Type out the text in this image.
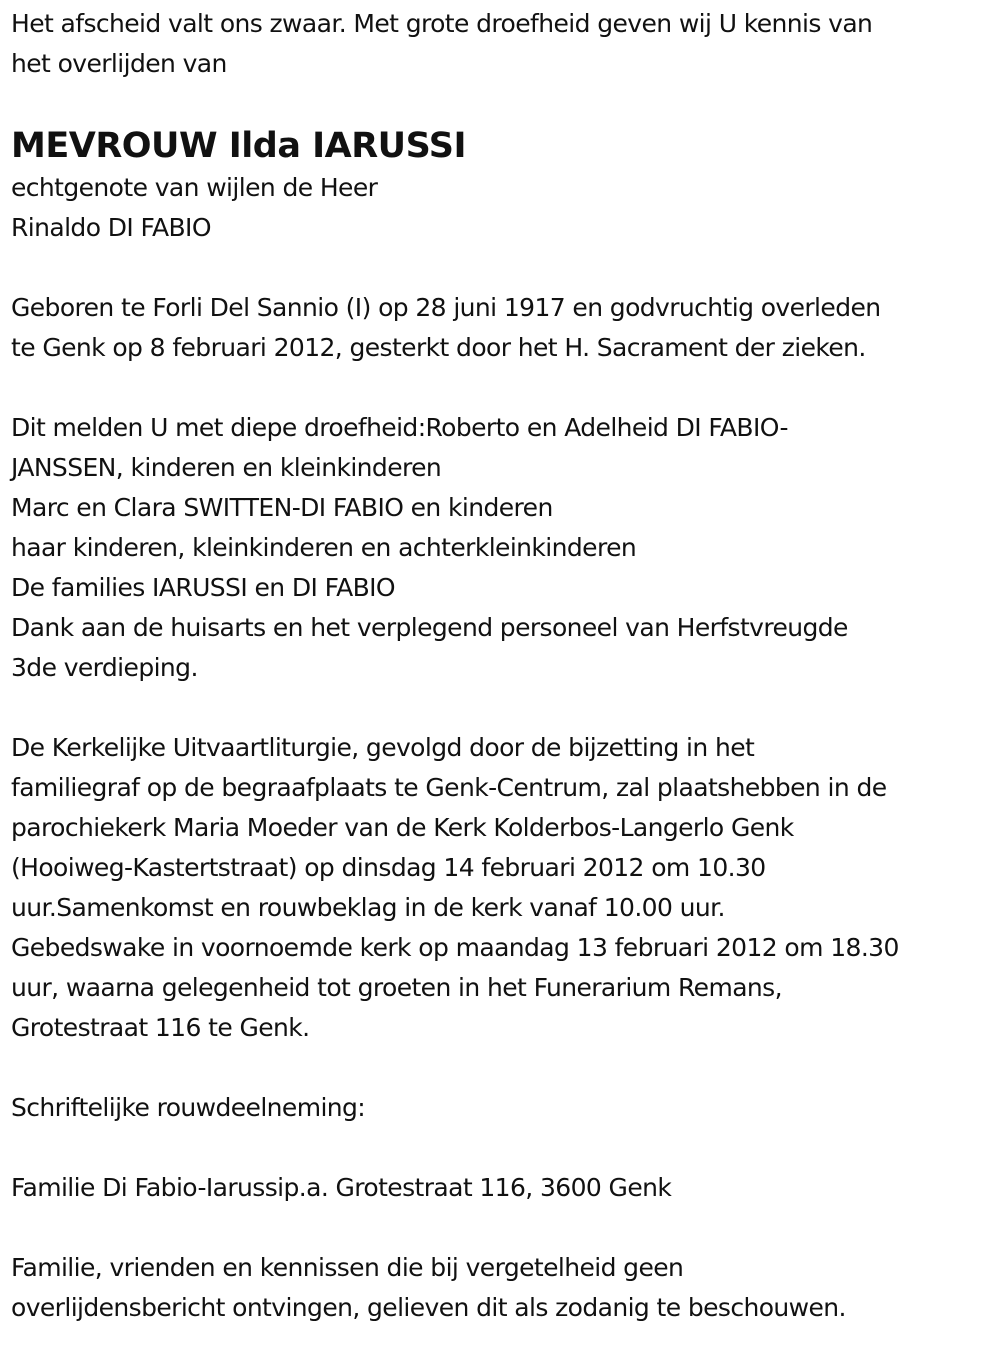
Het afscheid valt ons zwaar. Met grote droefheid geven wij U kennis van
het overlijden van
MEVROUW Ilda IARUSSI
echtgenote van wijlen de Heer
Rinaldo DI FABIO
Geboren te Forli Del Sannio (I) op 28 juni 1917 en godvruchtig overleden
te Genk op 8 februari 2012, gesterkt door het H. Sacrament der zieken.
Dit melden U met diepe droefheid:Roberto en Adelheid DI FABIO-
JANSSEN, kinderen en kleinkinderen
Marc en Clara SWITTEN-DI FABIO en kinderen
haar kinderen, kleinkinderen en achterkleinkinderen
De families IARUSSI en DI FABIO
Dank aan de huisarts en het verplegend personeel van Herfstvreugde
3de verdieping.
De Kerkelijke Uitvaartliturgie, gevolgd door de bijzetting in het
familiegraf op de begraafplaats te Genk-Centrum, zal plaatshebben in de
parochiekerk Maria Moeder van de Kerk Kolderbos-Langerlo Genk
(Hooiweg-Kastertstraat) op dinsdag 14 februari 2012 om 10.30
uur.Samenkomst en rouwbeklag in de kerk vanaf 10.00 uur.
Gebedswake in voornoemde kerk op maandag 13 februari 2012 om 18.30
uur, waarna gelegenheid tot groeten in het Funerarium Remans,
Grotestraat 116 te Genk.
Schriftelijke rouwdeelneming:
Familie Di Fabio-Iarussip.a. Grotestraat 116, 3600 Genk
Familie, vrienden en kennissen die bij vergetelheid geen
overlijdensbericht ontvingen, gelieven dit als zodanig te beschouwen.
